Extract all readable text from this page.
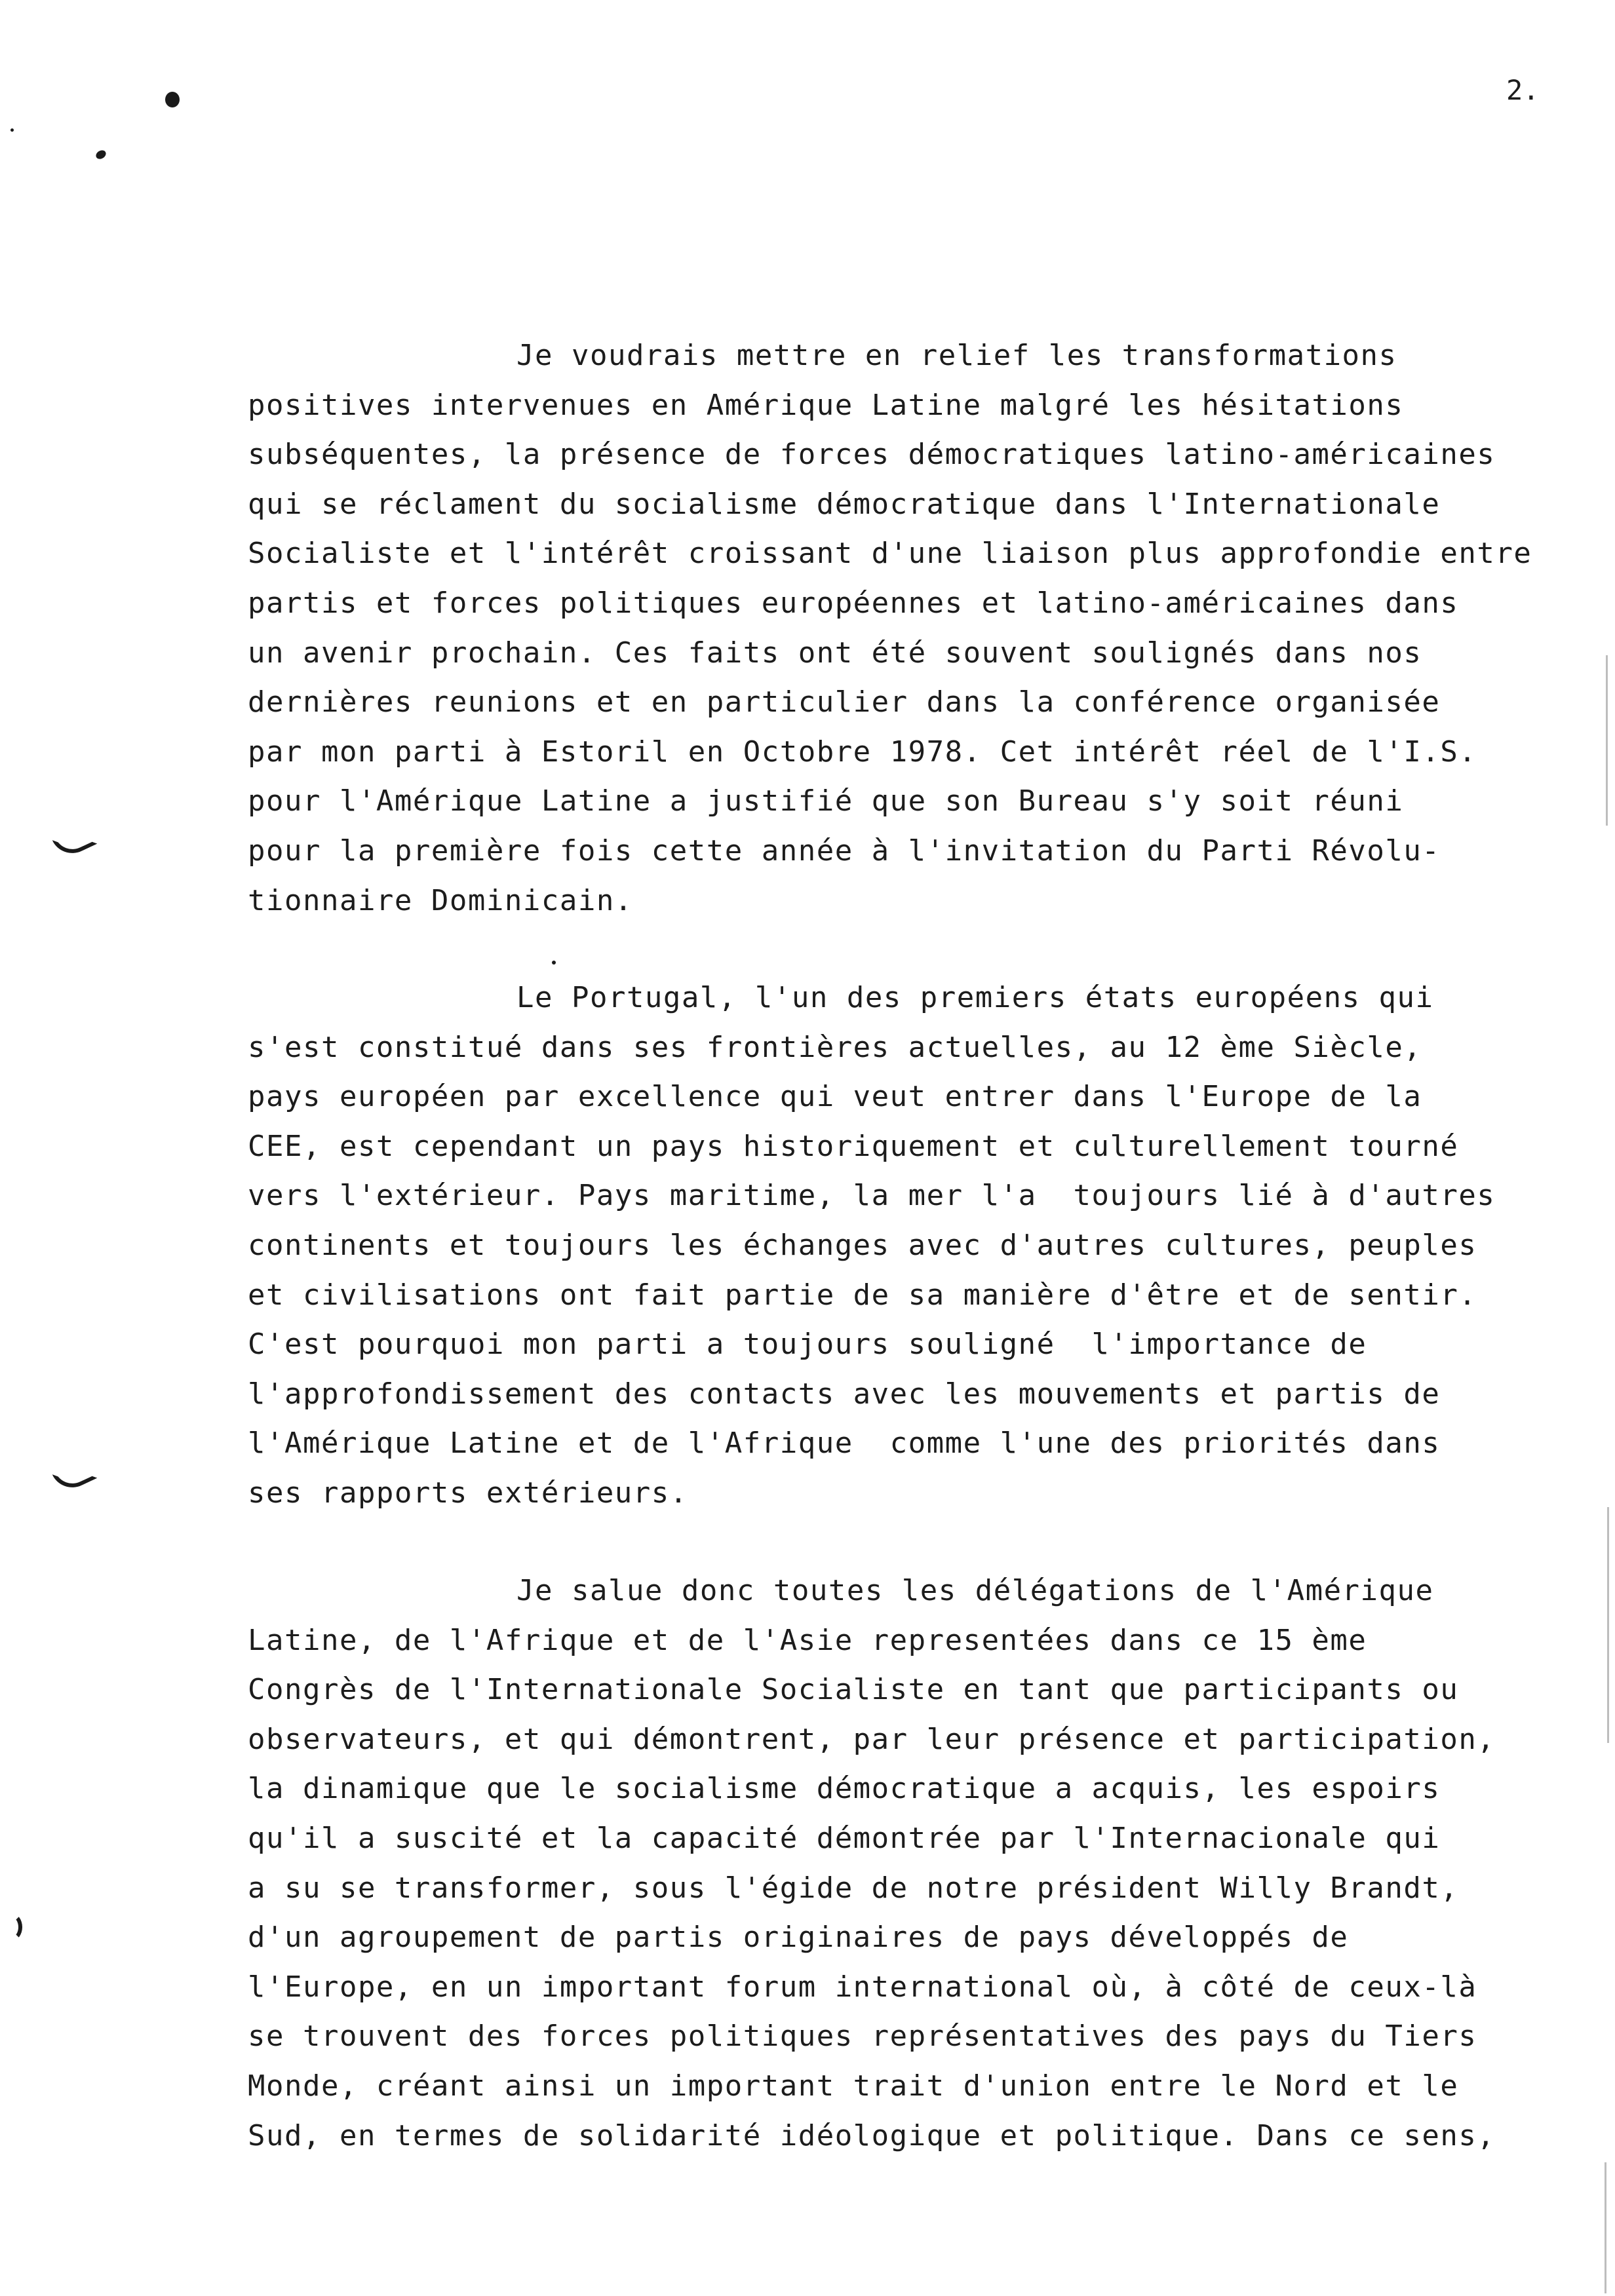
2.

Je voudrais mettre en relief les transformations
positives intervenues en Amérique Latine malgré les hésitations
subséquentes, la présence de forces démocratiques latino-américaines
qui se réclament du socialisme démocratique dans l'Internationale
Socialiste et l'intérêt croissant d'une liaison plus approfondie entre
partis et forces politiques européennes et latino-américaines dans
un avenir prochain. Ces faits ont été souvent soulignés dans nos
dernières reunions et en particulier dans la conférence organisée
par mon parti à Estoril en Octobre 1978. Cet intérêt réel de l'I.S.
pour l'Amérique Latine a justifié que son Bureau s'y soit réuni
pour la première fois cette année à l'invitation du Parti Révolu-
tionnaire Dominicain.
Le Portugal, l'un des premiers états européens qui
s'est constitué dans ses frontières actuelles, au 12 ème Siècle,
pays européen par excellence qui veut entrer dans l'Europe de la
CEE, est cependant un pays historiquement et culturellement tourné
vers l'extérieur. Pays maritime, la mer l'a  toujours lié à d'autres
continents et toujours les échanges avec d'autres cultures, peuples
et civilisations ont fait partie de sa manière d'être et de sentir.
C'est pourquoi mon parti a toujours souligné  l'importance de
l'approfondissement des contacts avec les mouvements et partis de
l'Amérique Latine et de l'Afrique  comme l'une des priorités dans
ses rapports extérieurs.
Je salue donc toutes les délégations de l'Amérique
Latine, de l'Afrique et de l'Asie representées dans ce 15 ème
Congrès de l'Internationale Socialiste en tant que participants ou
observateurs, et qui démontrent, par leur présence et participation,
la dinamique que le socialisme démocratique a acquis, les espoirs
qu'il a suscité et la capacité démontrée par l'Internacionale qui
a su se transformer, sous l'égide de notre président Willy Brandt,
d'un agroupement de partis originaires de pays développés de
l'Europe, en un important forum international où, à côté de ceux-là
se trouvent des forces politiques représentatives des pays du Tiers
Monde, créant ainsi un important trait d'union entre le Nord et le
Sud, en termes de solidarité idéologique et politique. Dans ce sens,
